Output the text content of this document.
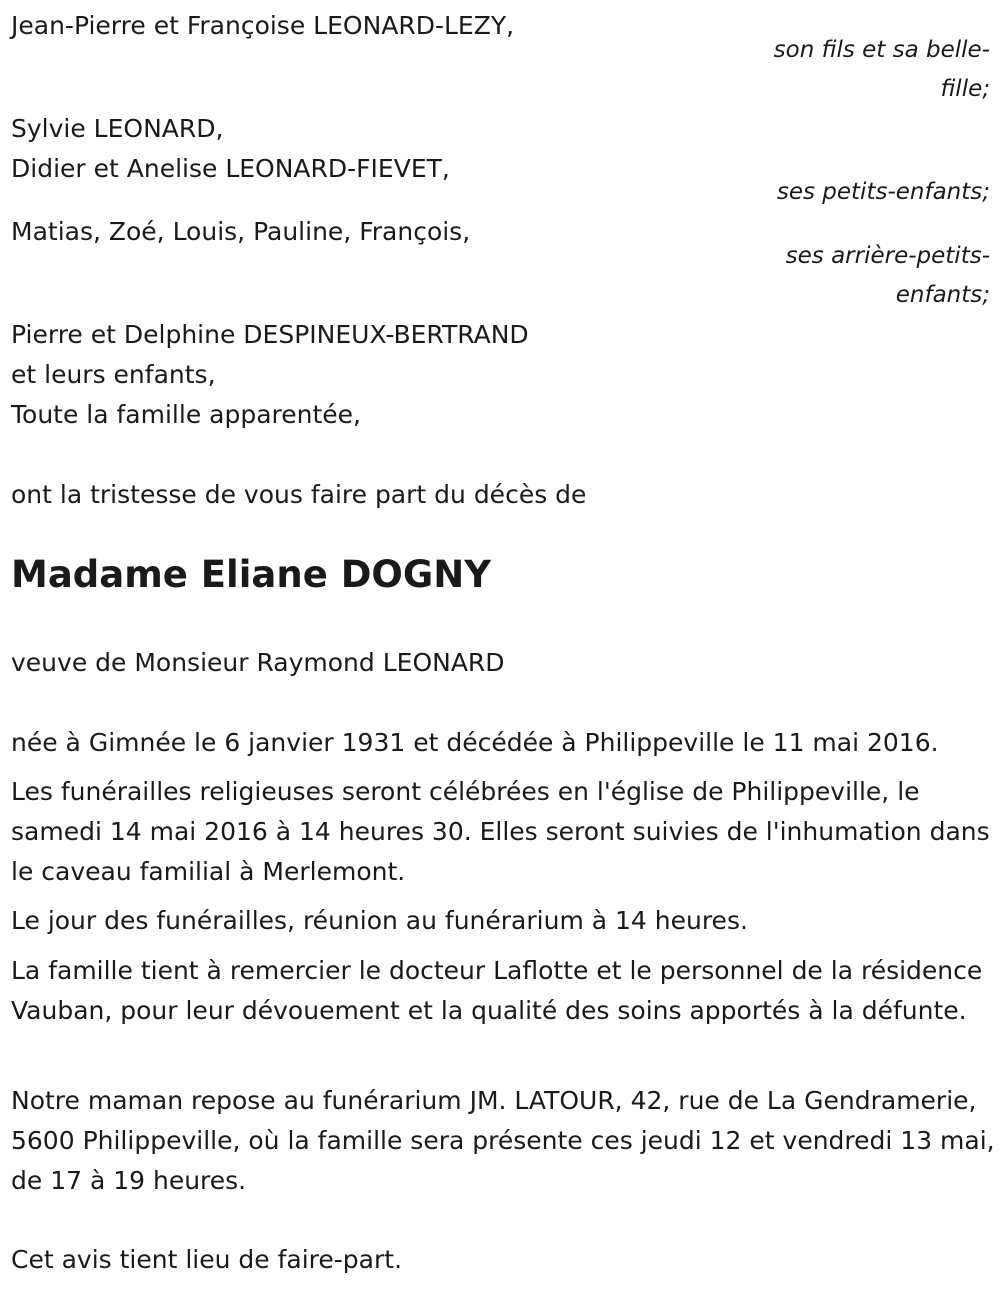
Jean-Pierre et Françoise LEONARD-LEZY,
son fils et sa belle-
fille;
Sylvie LEONARD,
Didier et Anelise LEONARD-FIEVET,
ses petits-enfants;
Matias, Zoé, Louis, Pauline, François,
ses arrière-petits-
enfants;
Pierre et Delphine DESPINEUX-BERTRAND
et leurs enfants,
Toute la famille apparentée,
ont la tristesse de vous faire part du décès de
Madame Eliane DOGNY
veuve de Monsieur Raymond LEONARD
née à Gimnée le 6 janvier 1931 et décédée à Philippeville le 11 mai 2016.
Les funérailles religieuses seront célébrées en l'église de Philippeville, le samedi 14 mai 2016 à 14 heures 30. Elles seront suivies de l'inhumation dans le caveau familial à Merlemont.
Le jour des funérailles, réunion au funérarium à 14 heures.
La famille tient à remercier le docteur Laflotte et le personnel de la résidence Vauban, pour leur dévouement et la qualité des soins apportés à la défunte.
Notre maman repose au funérarium JM. LATOUR, 42, rue de La Gendramerie, 5600 Philippeville, où la famille sera présente ces jeudi 12 et vendredi 13 mai, de 17 à 19 heures.
Cet avis tient lieu de faire-part.
